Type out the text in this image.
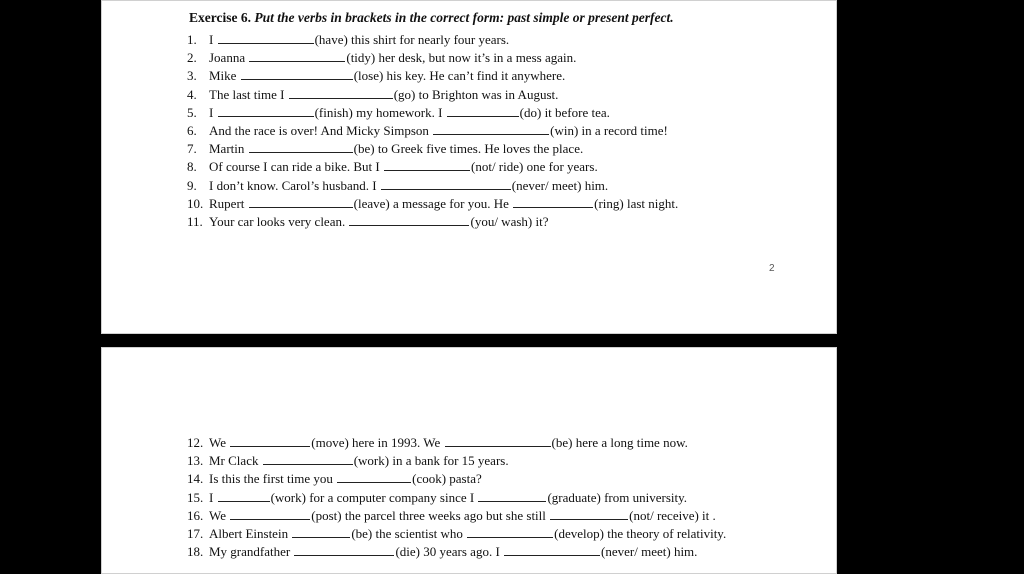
Exercise 6. Put the verbs in brackets in the correct form: past simple or present perfect.
1. I	(have) this shirt for nearly four years.
2. Joanna	(tidy) her desk, but now it’s in a mess again.
3. Mike	(lose) his key. He can’t find it anywhere.
4. The last time I	(go) to Brighton was in August.
5. I	(finish) my homework. I	(do) it before tea.
6. And the race is over! And Micky Simpson	(win) in a record time!
7. Martin	(be) to Greek five times. He loves the place.
8. Of course I can ride a bike. But I	(not/ ride) one for years.
9. I don’t know. Carol’s husband. I	(never/ meet) him.
10. Rupert	(leave) a message for you. He	(ring) last night.
11. Your car looks very clean.	(you/ wash) it?
2
12. We	(move) here in 1993. We	(be) here a long time now.
13. Mr Clack	(work) in a bank for 15 years.
14. Is this the first time you	(cook) pasta?
15. I	(work) for a computer company since I	(graduate) from university.
16. We	(post) the parcel three weeks ago but she still	(not/ receive) it .
17. Albert Einstein	(be) the scientist who	(develop) the theory of relativity.
18. My grandfather	(die) 30 years ago. I	(never/ meet) him.
